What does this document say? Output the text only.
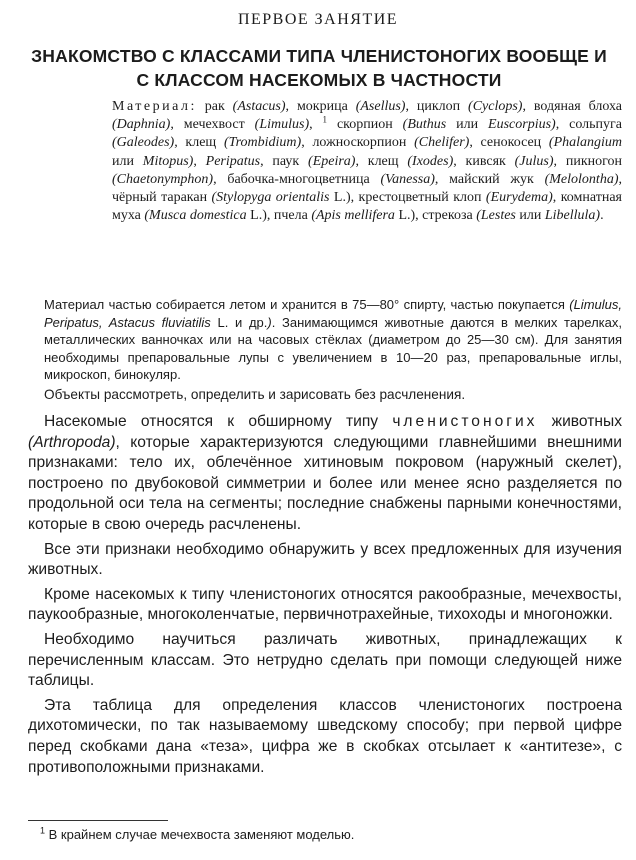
ПЕРВОЕ ЗАНЯТИЕ
ЗНАКОМСТВО С КЛАССАМИ ТИПА ЧЛЕНИСТОНОГИХ ВООБЩЕ И С КЛАССОМ НАСЕКОМЫХ В ЧАСТНОСТИ
Материал: рак (Astacus), мокрица (Asellus), циклоп (Cyclops), водяная блоха (Daphnia), мечехвост (Limulus), $^1$ скорпион (Buthus или Euscorpius), сольпуга (Galeodes), клещ (Trombidium), ложноскорпион (Chelifer), сенокосец (Phalangium или Mitopus), Peripatus, паук (Epeira), клещ (Ixodes), кивсяк (Julus), пикногон (Chaetonymphon), бабочка-многоцветница (Vanessa), майский жук (Melolontha), чёрный таракан (Stylopyga orientalis L.), крестоцветный клоп (Eurydema), комнатная муха (Musca domestica L.), пчела (Apis mellifera L.), стрекоза (Lestes или Libellula).
Материал частью собирается летом и хранится в 75—80° спирту, частью покупается (Limulus, Peripatus, Astacus fluviatilis L. и др.). Занимающимся животные даются в мелких тарелках, металлических ванночках или на часовых стёклах (диаметром до 25—30 см). Для занятия необходимы препаровальные лупы с увеличением в 10—20 раз, препаровальные иглы, микроскоп, бинокуляр.
Объекты рассмотреть, определить и зарисовать без расчленения.

Насекомые относятся к обширному типу членистоногих животных (Arthropoda), которые характеризуются следующими главнейшими внешними признаками: тело их, облечённое хитиновым покровом (наружный скелет), построено по двубоковой симметрии и более или менее ясно разделяется по продольной оси тела на сегменты; последние снабжены парными конечностями, которые в свою очередь расчленены.

Все эти признаки необходимо обнаружить у всех предложенных для изучения животных.

Кроме насекомых к типу членистоногих относятся ракообразные, мечехвосты, паукообразные, многоколенчатые, первичнотрахейные, тихоходы и многоножки.

Необходимо научиться различать животных, принадлежащих к перечисленным классам. Это нетрудно сделать при помощи следующей ниже таблицы.

Эта таблица для определения классов членистоногих построена дихотомически, по так называемому шведскому способу; при первой цифре перед скобками дана «теза», цифра же в скобках отсылает к «антитезе», с противоположными признаками.

$^1$ В крайнем случае мечехвоста заменяют моделью.
